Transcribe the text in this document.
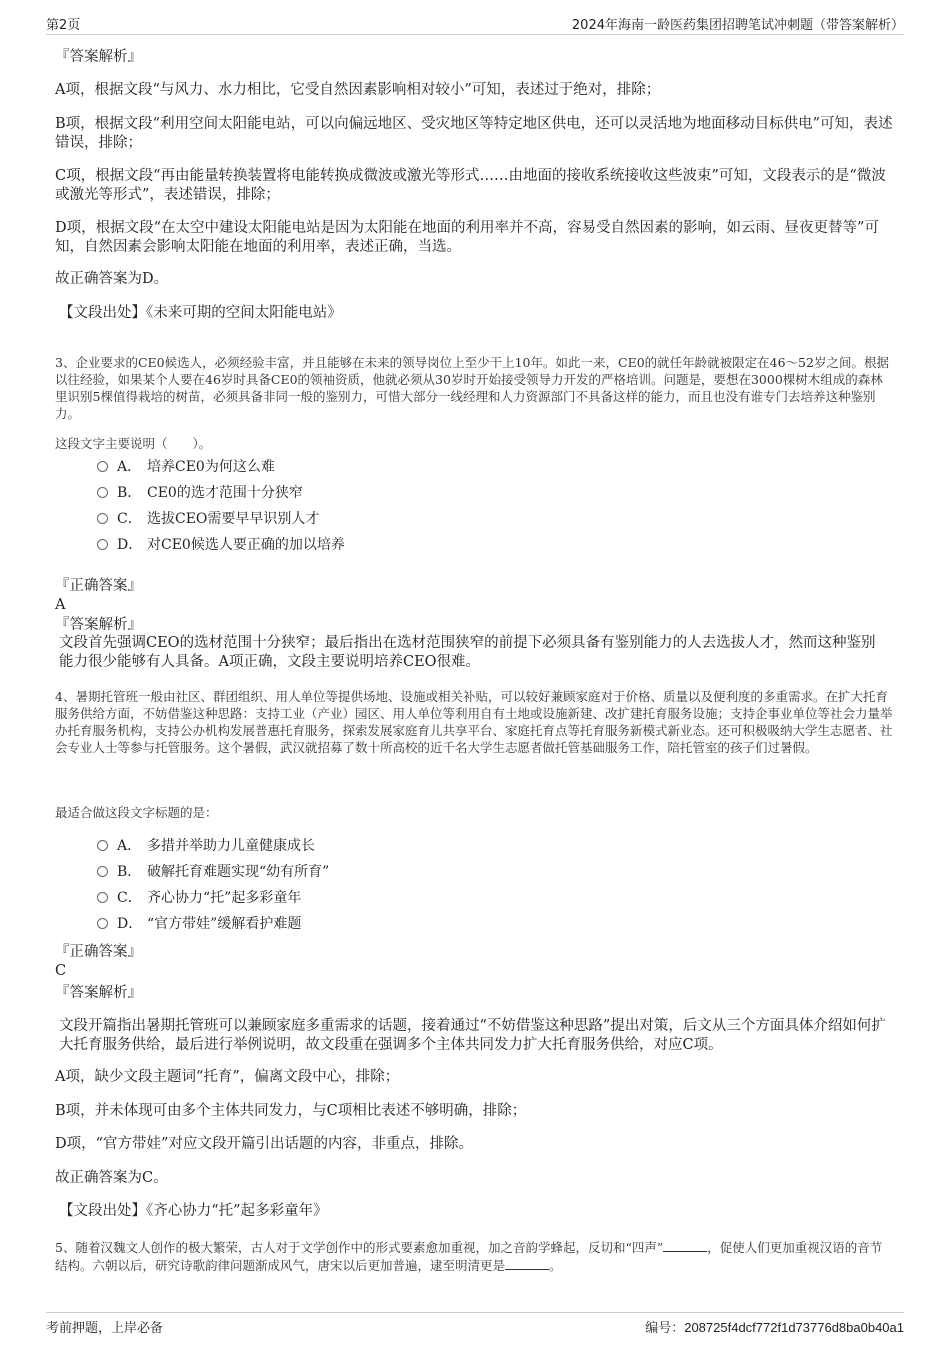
第2页	2024年海南一龄医药集团招聘笔试冲刺题（带答案解析）

『答案解析』

A项，根据文段“与风力、水力相比，它受自然因素影响相对较小”可知，表述过于绝对，排除；

B项，根据文段“利用空间太阳能电站，可以向偏远地区、受灾地区等特定地区供电，还可以灵活地为地面移动目标供电”可知，表述错误，排除；

C项，根据文段“再由能量转换装置将电能转换成微波或激光等形式……由地面的接收系统接收这些波束”可知，文段表示的是“微波或激光等形式”，表述错误，排除；

D项，根据文段“在太空中建设太阳能电站是因为太阳能在地面的利用率并不高，容易受自然因素的影响，如云雨、昼夜更替等”可知，自然因素会影响太阳能在地面的利用率，表述正确，当选。

故正确答案为D。

【文段出处】《未来可期的空间太阳能电站》

3、企业要求的CE0候选人，必须经验丰富，并且能够在未来的领导岗位上至少干上10年。如此一来，CE0的就任年龄就被限定在46～52岁之间。根据以往经验，如果某个人要在46岁时具备CE0的领袖资质，他就必须从30岁时开始接受领导力开发的严格培训。问题是，要想在3000棵树木组成的森林里识别5棵值得栽培的树苗，必须具备非同一般的鉴别力，可惜大部分一线经理和人力资源部门不具备这样的能力，而且也没有谁专门去培养这种鉴别力。

这段文字主要说明（　　）。

A． 培养CE0为何这么难
B． CE0的选才范围十分狭窄
C． 选拔CEO需要早早识别人才
D． 对CE0候选人要正确的加以培养

『正确答案』

A

『答案解析』

文段首先强调CEO的选材范围十分狭窄；最后指出在选材范围狭窄的前提下必须具备有鉴别能力的人去选拔人才，然而这种鉴别能力很少能够有人具备。A项正确，文段主要说明培养CEO很难。

4、暑期托管班一般由社区、群团组织、用人单位等提供场地、设施或相关补贴，可以较好兼顾家庭对于价格、质量以及便利度的多重需求。在扩大托育服务供给方面，不妨借鉴这种思路：支持工业（产业）园区、用人单位等利用自有土地或设施新建、改扩建托育服务设施；支持企事业单位等社会力量举办托育服务机构，支持公办机构发展普惠托育服务，探索发展家庭育儿共享平台、家庭托育点等托育服务新模式新业态。还可积极吸纳大学生志愿者、社会专业人士等参与托管服务。这个暑假，武汉就招募了数十所高校的近千名大学生志愿者做托管基础服务工作，陪托管室的孩子们过暑假。

最适合做这段文字标题的是：

A． 多措并举助力儿童健康成长
B． 破解托育难题实现“幼有所育”
C． 齐心协力“托”起多彩童年
D． “官方带娃”缓解看护难题

『正确答案』

C

『答案解析』

文段开篇指出暑期托管班可以兼顾家庭多重需求的话题，接着通过“不妨借鉴这种思路”提出对策，后文从三个方面具体介绍如何扩大托育服务供给，最后进行举例说明，故文段重在强调多个主体共同发力扩大托育服务供给，对应C项。

A项，缺少文段主题词“托育”，偏离文段中心，排除；

B项，并未体现可由多个主体共同发力，与C项相比表述不够明确，排除；

D项，“官方带娃”对应文段开篇引出话题的内容，非重点，排除。

故正确答案为C。

【文段出处】《齐心协力“托”起多彩童年》

5、随着汉魏文人创作的极大繁荣，古人对于文学创作中的形式要素愈加重视，加之音韵学蜂起，反切和“四声”	，促使人们更加重视汉语的音节结构。六朝以后，研究诗歌韵律问题渐成风气，唐宋以后更加普遍，逮至明清更是	。

考前押题，上岸必备	编号：208725f4dcf772f1d73776d8ba0b40a1
